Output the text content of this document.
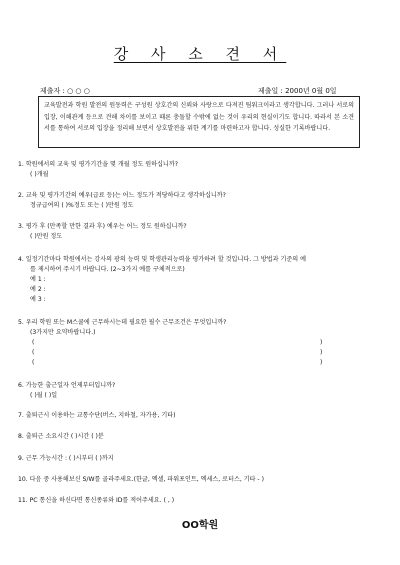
강 사 소 견 서
제출자 : ○ ○ ○	제출일 : 2000년 0월 0일
교육발전과 학원 발전의 원동력은 구성원 상호간의 신뢰와 사랑으로 다져진 팀워크이라고 생각합니다. 그러나 서로의 입장, 이해관계 등으로 견해 차이를 보이고 때론 충돌할 수밖에 없는 것이 우리의 현실이기도 합니다. 따라서 본 소견서를 통하여 서로의 입장을 정리해 보면서 상호발전을 위한 계기를 마련하고자 합니다. 성실한 기록바랍니다.
1. 학원에서의 교육 및 평가기간을 몇 개월 정도 원하십니까?
( )개월
2. 교육 및 평가기간의 예우(급료 등)는 어느 정도가 적당하다고 생각하십니까?
정규급여의 ( )%정도 또는 ( )만원 정도
3. 평가 후 (만족할 만한 결과 후) 예우는 어느 정도 원하십니까?
( )만원 정도
4. 일정기간마다 학원에서는 강사의 광의 능력 및 학생관리능력을 평가하려 할 것입니다. 그 방법과 기준의 예
를 제시하여 주시기 바랍니다. (2~3가지 예를 구체적으로)
예 1 :
예 2 :
예 3 :
5. 우리 학원 또는 M스쿨에 근무하시는데 필요한 필수 근무조건은 무엇입니까?
(3가지만 요약바랍니다.)
(	)
(	)
(	)
6. 가능한 출근일자 언제부터입니까?
( )월 ( )일
7. 출퇴근시 이용하는 교통수단(버스, 지하철, 자가용, 기타)
8. 출퇴근 소요시간 ( )시간 ( )분
9. 근무 가능시간 : ( )시부터 ( )까지
10. 다음 중 사용해보신 S/W를 골라주세요.(한글, 엑셀, 파워포인트, 엑세스, 로터스, 기타 - )
11. PC 통신을 하신다면 통신종류와 ID를 적어주세요. ( , )
OO학원
